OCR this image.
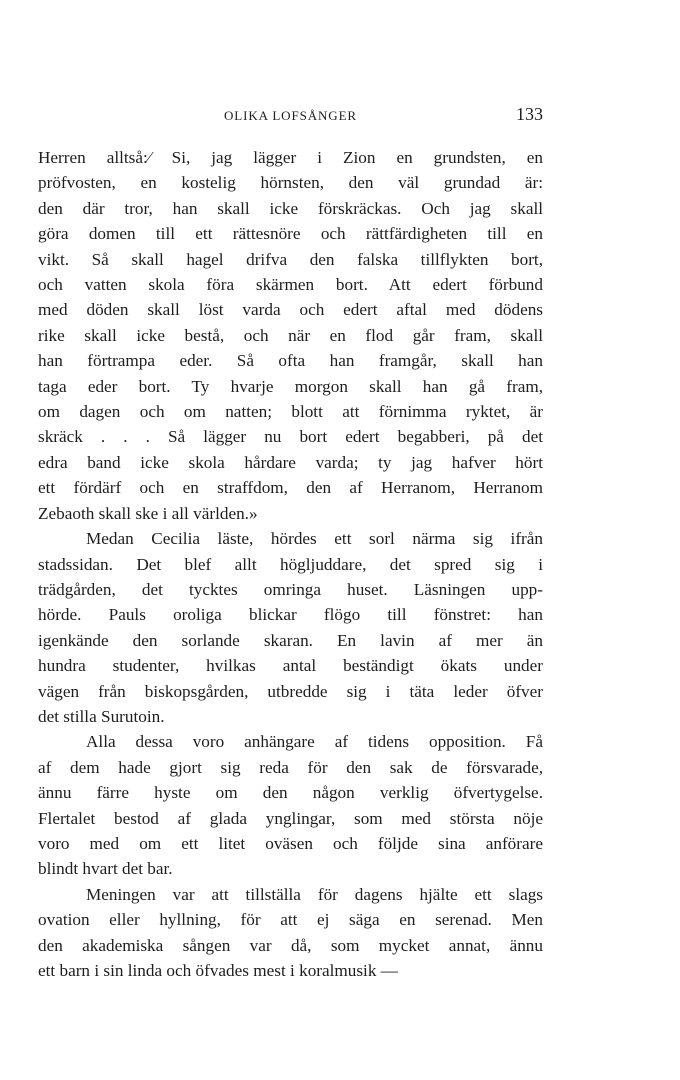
OLIKA LOFSÅNGER	133

Herren alltså:⁄ Si, jag lägger i Zion en grundsten, en
pröfvosten, en kostelig hörnsten, den väl grundad är:
den där tror, han skall icke förskräckas. Och jag skall
göra domen till ett rättesnöre och rättfärdigheten till en
vikt. Så skall hagel drifva den falska tillflykten bort,
och vatten skola föra skärmen bort. Att edert förbund
med döden skall löst varda och edert aftal med dödens
rike skall icke bestå, och när en flod går fram, skall
han förtrampa eder. Så ofta han framgår, skall han
taga eder bort. Ty hvarje morgon skall han gå fram,
om dagen och om natten; blott att förnimma ryktet, är
skräck . . . Så lägger nu bort edert begabberi, på det
edra band icke skola hårdare varda; ty jag hafver hört
ett fördärf och en straffdom, den af Herranom, Herranom
Zebaoth skall ske i all världen.»

Medan Cecilia läste, hördes ett sorl närma sig ifrån
stadssidan. Det blef allt högljuddare, det spred sig i
trädgården, det tycktes omringa huset. Läsningen upp-
hörde. Pauls oroliga blickar flögo till fönstret: han
igenkände den sorlande skaran. En lavin af mer än
hundra studenter, hvilkas antal beständigt ökats under
vägen från biskopsgården, utbredde sig i täta leder öfver
det stilla Surutoin.

Alla dessa voro anhängare af tidens opposition. Få
af dem hade gjort sig reda för den sak de försvarade,
ännu färre hyste om den någon verklig öfvertygelse.
Flertalet bestod af glada ynglingar, som med största nöje
voro med om ett litet oväsen och följde sina anförare
blindt hvart det bar.

Meningen var att tillställa för dagens hjälte ett slags
ovation eller hyllning, för att ej säga en serenad. Men
den akademiska sången var då, som mycket annat, ännu
ett barn i sin linda och öfvades mest i koralmusik —
